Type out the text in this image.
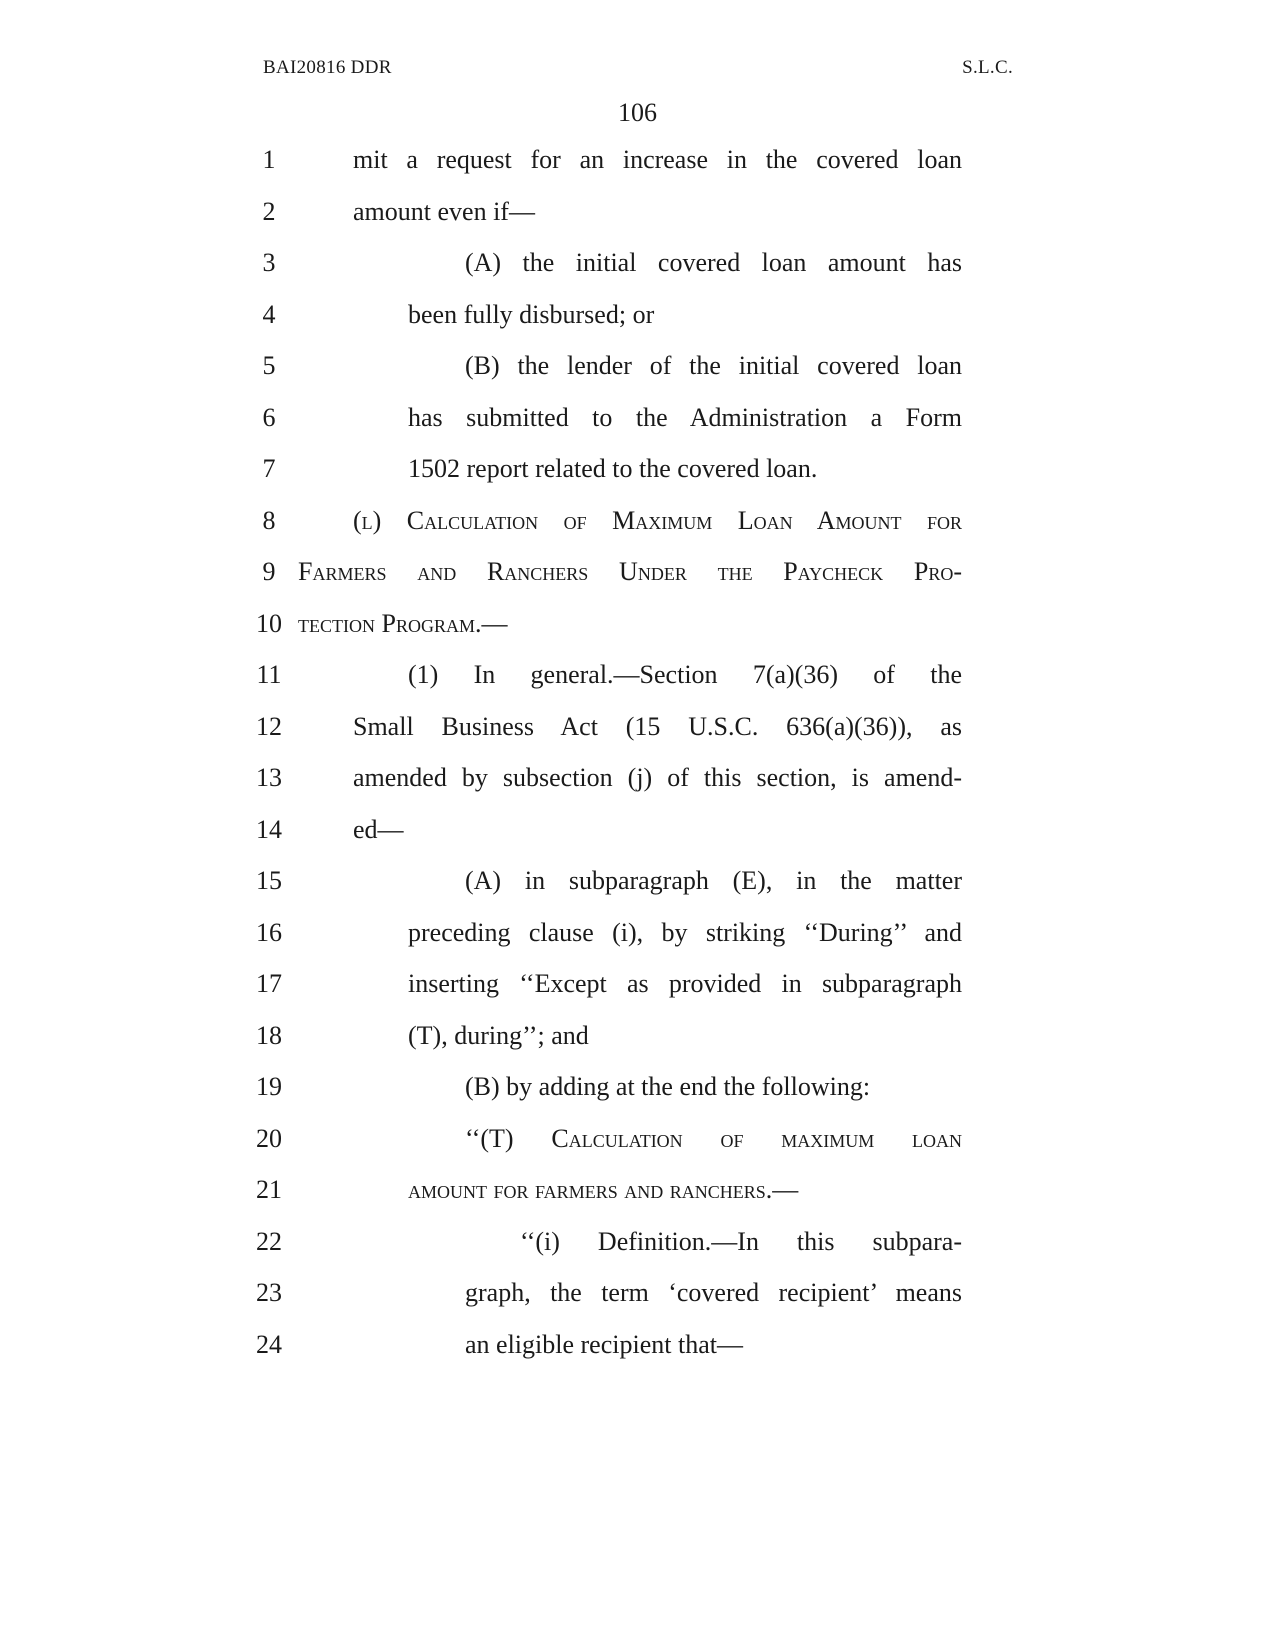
BAI20816 DDR	S.L.C.
106
1	mit a request for an increase in the covered loan
2	amount even if—
3	(A) the initial covered loan amount has
4	been fully disbursed; or
5	(B) the lender of the initial covered loan
6	has submitted to the Administration a Form
7	1502 report related to the covered loan.
8	(l) Calculation of Maximum Loan Amount for
9 Farmers and Ranchers Under the Paycheck Pro-
10 tection Program.—
11	(1) In general.—Section 7(a)(36) of the
12	Small Business Act (15 U.S.C. 636(a)(36)), as
13	amended by subsection (j) of this section, is amend-
14	ed—
15	(A) in subparagraph (E), in the matter
16	preceding clause (i), by striking ‘‘During’’ and
17	inserting ‘‘Except as provided in subparagraph
18	(T), during’’; and
19	(B) by adding at the end the following:
20	‘‘(T) Calculation of maximum loan
21	amount for farmers and ranchers.—
22	‘‘(i) Definition.—In this subpara-
23	graph, the term ‘covered recipient’ means
24	an eligible recipient that—
